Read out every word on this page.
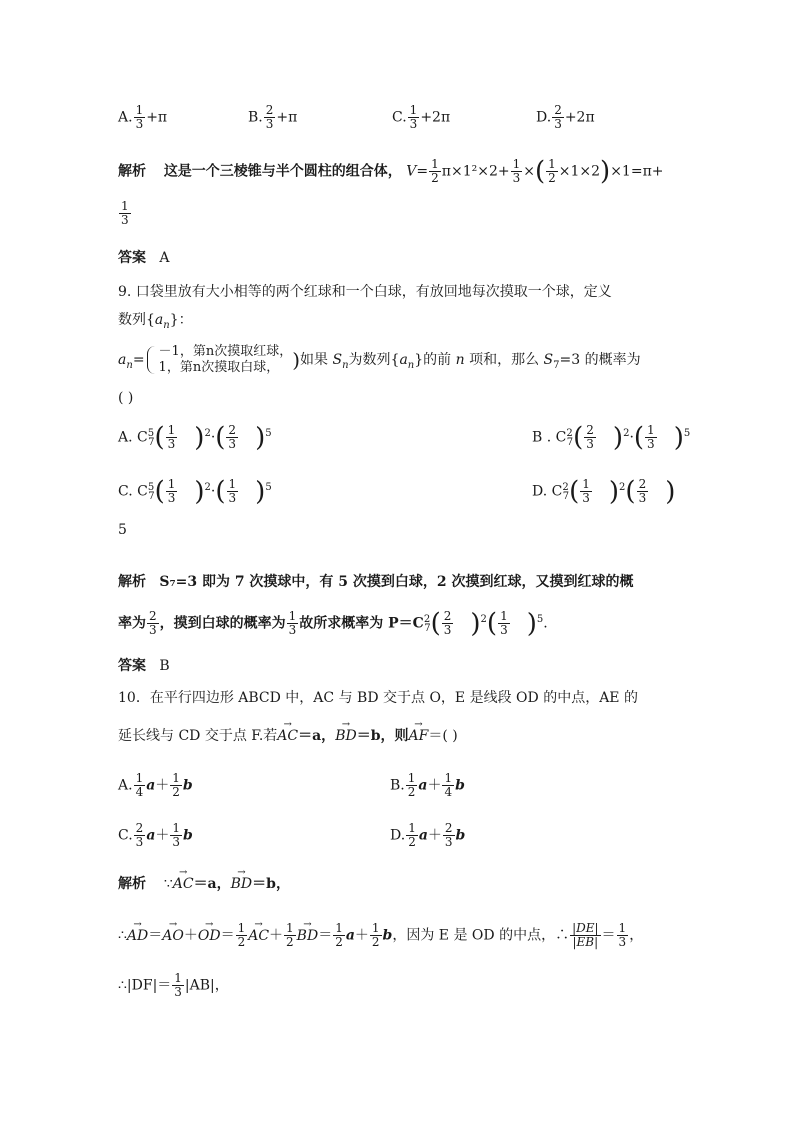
A. $\frac{1}{3} +\pi$	B. $\frac{2}{3} +\pi$	C. $\frac{1}{3} +2\pi$	D. $\frac{2}{3} +2\pi$
解析 这是一个三棱锥与半个圆柱的组合体， $V= \frac{1}{2} \pi\times 1^2\times 2+ \frac{1}{3}$ ×( $\frac{1}{2} \times 1\times 2)\times 1=\pi+$
$\frac{1}{3}$
答案 A
9. 口袋里放有大小相等的两个红球和一个白球，有放回地每次摸取一个球，定义
数列$\{a_n\}$：
$a_n=$
－1，第n次摸取红球，
1，第n次摸取白球， )如果 $S_n$为数列$\{a_n\}$的前 n 项和，那么 $S_7=3$ 的概率为
( )
A. $C^5_7( \frac{1}{3} )^2\cdot( \frac{2}{3} )^5$	B . $C^2_7( \frac{2}{3} )^2\cdot( \frac{1}{3} )^5$
C. $C^5_7( \frac{1}{3} )^2\cdot( \frac{1}{3} )^5$	D. $C^2_7( \frac{1}{3} )^2( \frac{2}{3}$ )
5
解析 S₇=3 即为 7 次摸球中，有 5 次摸到白球，2 次摸到红球，又摸到红球的概
率为 $\frac{2}{3}$ ，摸到白球的概率为 $\frac{1}{3}$ 故所求概率为 $P=C^2_7( \frac{2}{3} )^2( \frac{1}{3} )^5$.
答案 B
10．在平行四边形 ABCD 中，AC 与 BD 交于点 O，E 是线段 OD 的中点，AE 的
延长线与 CD 交于点 F.若→ AC＝a，→ BD＝b，则→ AF＝( )
A. $\frac{1}{4} a+ \frac{1}{2}$ b	B. $\frac{1}{2} a+ \frac{1}{4}$ b
C. $\frac{2}{3} a+ \frac{1}{3}$ b	D. $\frac{1}{2} a+ \frac{2}{3}$ b
解析 ∵→ AC＝a，→ BD＝b，
∴→ $AD=\to AO+\to OD= \frac{1}{2}$
→ $AC+ \frac{1}{2}$
→ $BD= \frac{1}{2} a+ \frac{1}{2}$ b，因为 E 是 OD 的中点，∴ $\frac{|DE|}{|EB|} = \frac{1}{3}$ ，
∴|DF|＝ $\frac{1}{3} |AB|$，
